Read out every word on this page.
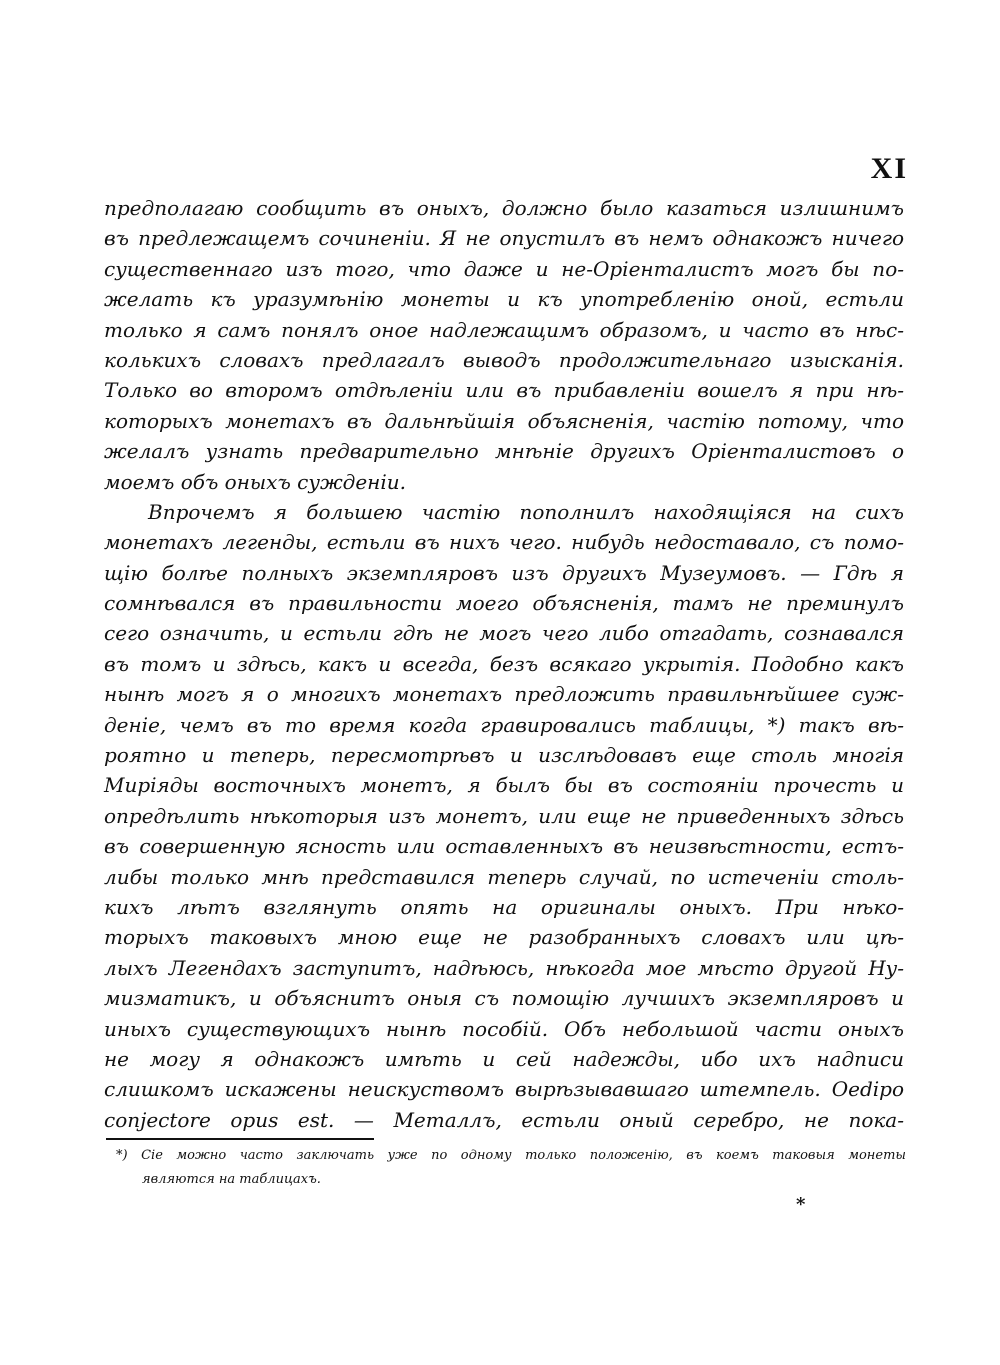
XI
предполагаю сообщить въ оныхъ, должно было казаться излишнимъ
въ предлежащемъ сочиненіи. Я не опустилъ въ немъ однакожъ ничего
существеннаго изъ того, что даже и не-Оріенталистъ могъ бы по-
желать къ уразумѣнію монеты и къ употребленію оной, естьли
только я самъ понялъ оное надлежащимъ образомъ, и часто въ нѣс-
колькихъ словахъ предлагалъ выводъ продолжительнаго изысканія.
Только во второмъ отдѣленіи или въ прибавленіи вошелъ я при нѣ-
которыхъ монетахъ въ дальнѣйшія объясненія, частію потому, что
желалъ узнать предварительно мнѣніе другихъ Оріенталистовъ о
моемъ объ оныхъ сужденіи.
Впрочемъ я большею частію пополнилъ находящіяся на сихъ
монетахъ легенды, естьли въ нихъ чего. нибудь недоставало, съ помо-
щію болѣе полныхъ экземпляровъ изъ другихъ Музеумовъ. — Гдѣ я
сомнѣвался въ правильности моего объясненія, тамъ не преминулъ
сего означить, и естьли гдѣ не могъ чего либо отгадать, сознавался
въ томъ и здѣсь, какъ и всегда, безъ всякаго укрытія. Подобно какъ
нынѣ могъ я о многихъ монетахъ предложить правильнѣйшее суж-
деніе, чемъ въ то время когда гравировались таблицы, *) такъ вѣ-
роятно и теперь, пересмотрѣвъ и изслѣдовавъ еще столь многія
Миріяды восточныхъ монетъ, я былъ бы въ состояніи прочесть и
опредѣлить нѣкоторыя изъ монетъ, или еще не приведенныхъ здѣсь
въ совершенную ясность или оставленныхъ въ неизвѣстности, естъ-
либы только мнѣ представился теперь случай, по истеченіи столь-
кихъ лѣтъ взглянуть опять на оригиналы оныхъ. При нѣко-
торыхъ таковыхъ мною еще не разобранныхъ словахъ или цѣ-
лыхъ Легендахъ заступитъ, надѣюсь, нѣкогда мое мѣсто другой Ну-
мизматикъ, и объяснитъ оныя съ помощію лучшихъ экземпляровъ и
иныхъ существующихъ нынѣ пособій. Объ небольшой части оныхъ
не могу я однакожъ имѣть и сей надежды, ибо ихъ надписи
слишкомъ искажены неискуствомъ вырѣзывавшаго штемпель. Oedipo
conjectore opus est. — Металлъ, естьли оный серебро, не пока-
*) Сіе можно часто заключать уже по одному только положенію, въ коемъ таковыя монеты
являются на таблицахъ.
*
